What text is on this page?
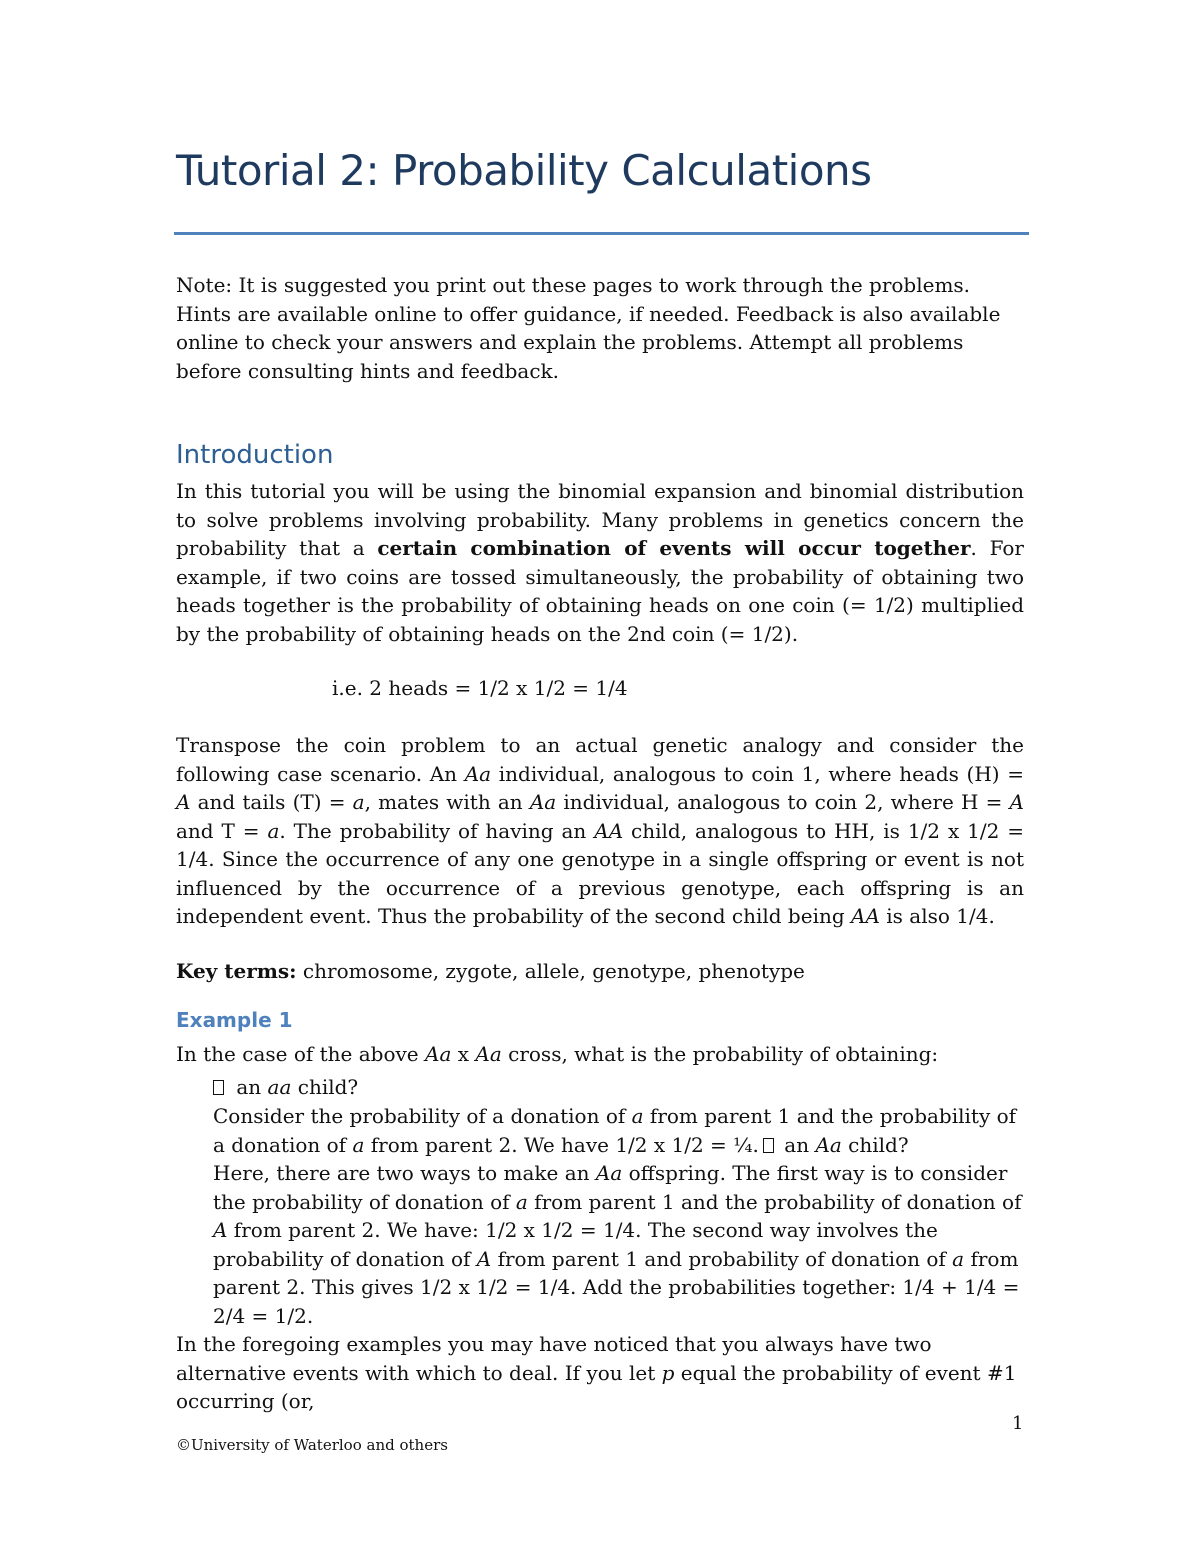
Tutorial 2: Probability Calculations

Note: It is suggested you print out these pages to work through the problems. Hints are available online to offer guidance, if needed. Feedback is also available online to check your answers and explain the problems. Attempt all problems before consulting hints and feedback.

Introduction

In this tutorial you will be using the binomial expansion and binomial distribution to solve problems involving probability. Many problems in genetics concern the probability that a certain combination of events will occur together. For example, if two coins are tossed simultaneously, the probability of obtaining two heads together is the probability of obtaining heads on one coin (= 1/2) multiplied by the probability of obtaining heads on the 2nd coin (= 1/2).

i.e. 2 heads = 1/2 x 1/2 = 1/4

Transpose the coin problem to an actual genetic analogy and consider the following case scenario. An Aa individual, analogous to coin 1, where heads (H) = A and tails (T) = a, mates with an Aa individual, analogous to coin 2, where H = A and T = a. The probability of having an AA child, analogous to HH, is 1/2 x 1/2 = 1/4. Since the occurrence of any one genotype in a single offspring or event is not influenced by the occurrence of a previous genotype, each offspring is an independent event. Thus the probability of the second child being AA is also 1/4.

Key terms: chromosome, zygote, allele, genotype, phenotype

Example 1

In the case of the above Aa x Aa cross, what is the probability of obtaining:

an aa child?

Consider the probability of a donation of a from parent 1 and the probability of a donation of a from parent 2. We have 1/2 x 1/2 = ¼. an Aa child?
Here, there are two ways to make an Aa offspring. The first way is to consider the probability of donation of a from parent 1 and the probability of donation of A from parent 2. We have: 1/2 x 1/2 = 1/4. The second way involves the probability of donation of A from parent 1 and probability of donation of a from parent 2. This gives 1/2 x 1/2 = 1/4. Add the probabilities together: 1/4 + 1/4 = 2/4 = 1/2.

In the foregoing examples you may have noticed that you always have two alternative events with which to deal. If you let p equal the probability of event #1 occurring (or,

1
©University of Waterloo and others
